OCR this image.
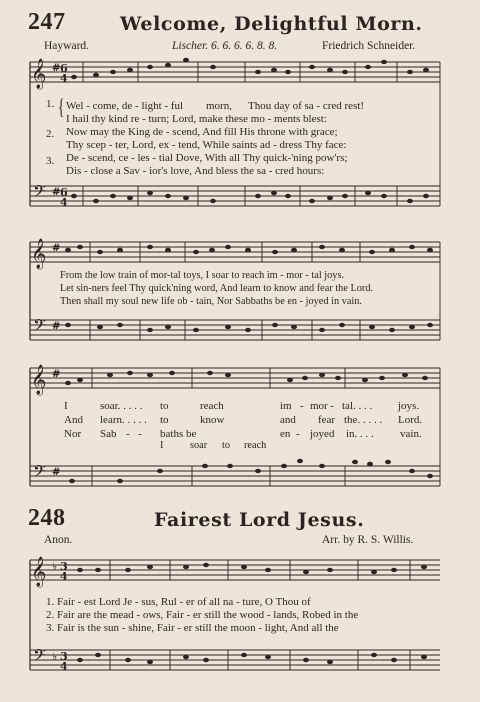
𝄞
𝄢
𝄞
𝄢
𝄞
𝄢
𝄞
𝄢
# 6
4
# 6
4
#
#
#
#
♭ 3
4
♭ 3
4
247	Welcome, Delightful Morn.
Hayward.	Lischer. 6. 6. 6. 6. 8. 8.	Friedrich Schneider.
1. { Wel - come, de - light - ful morn, Thou day of sa - cred rest!
I hail thy kind re - turn; Lord, make these mo - ments blest:
2. Now may the King de - scend, And fill His throne with grace;
Thy scep - ter, Lord, ex - tend, While saints ad - dress Thy face:
3. De - scend, ce - les - tial Dove, With all Thy quick-'ning pow'rs;
Dis - close a Sav - ior's love, And bless the sa - cred hours:
From the low train of mor-tal toys, I soar to reach im - mor - tal joys.
Let sin-ners feel Thy quick'ning word, And learn to know and fear the Lord.
Then shall my soul new life ob - tain, Nor Sabbaths be en - joyed in vain.
I	soar. . . . . to	reach	im - mor - tal. . . . joys.
And learn. . . . . to	know	and fear the. . . . . Lord.
Nor Sab - - baths be	en - joyed in. . . . vain.
I	soar to reach
248	Fairest Lord Jesus.
Anon.	Arr. by R. S. Willis.
1. Fair - est Lord Je - sus, Rul - er of all na - ture, O Thou of
2. Fair are the mead - ows, Fair - er still the wood - lands, Robed in the
3. Fair is the sun - shine, Fair - er still the moon - light, And all the
